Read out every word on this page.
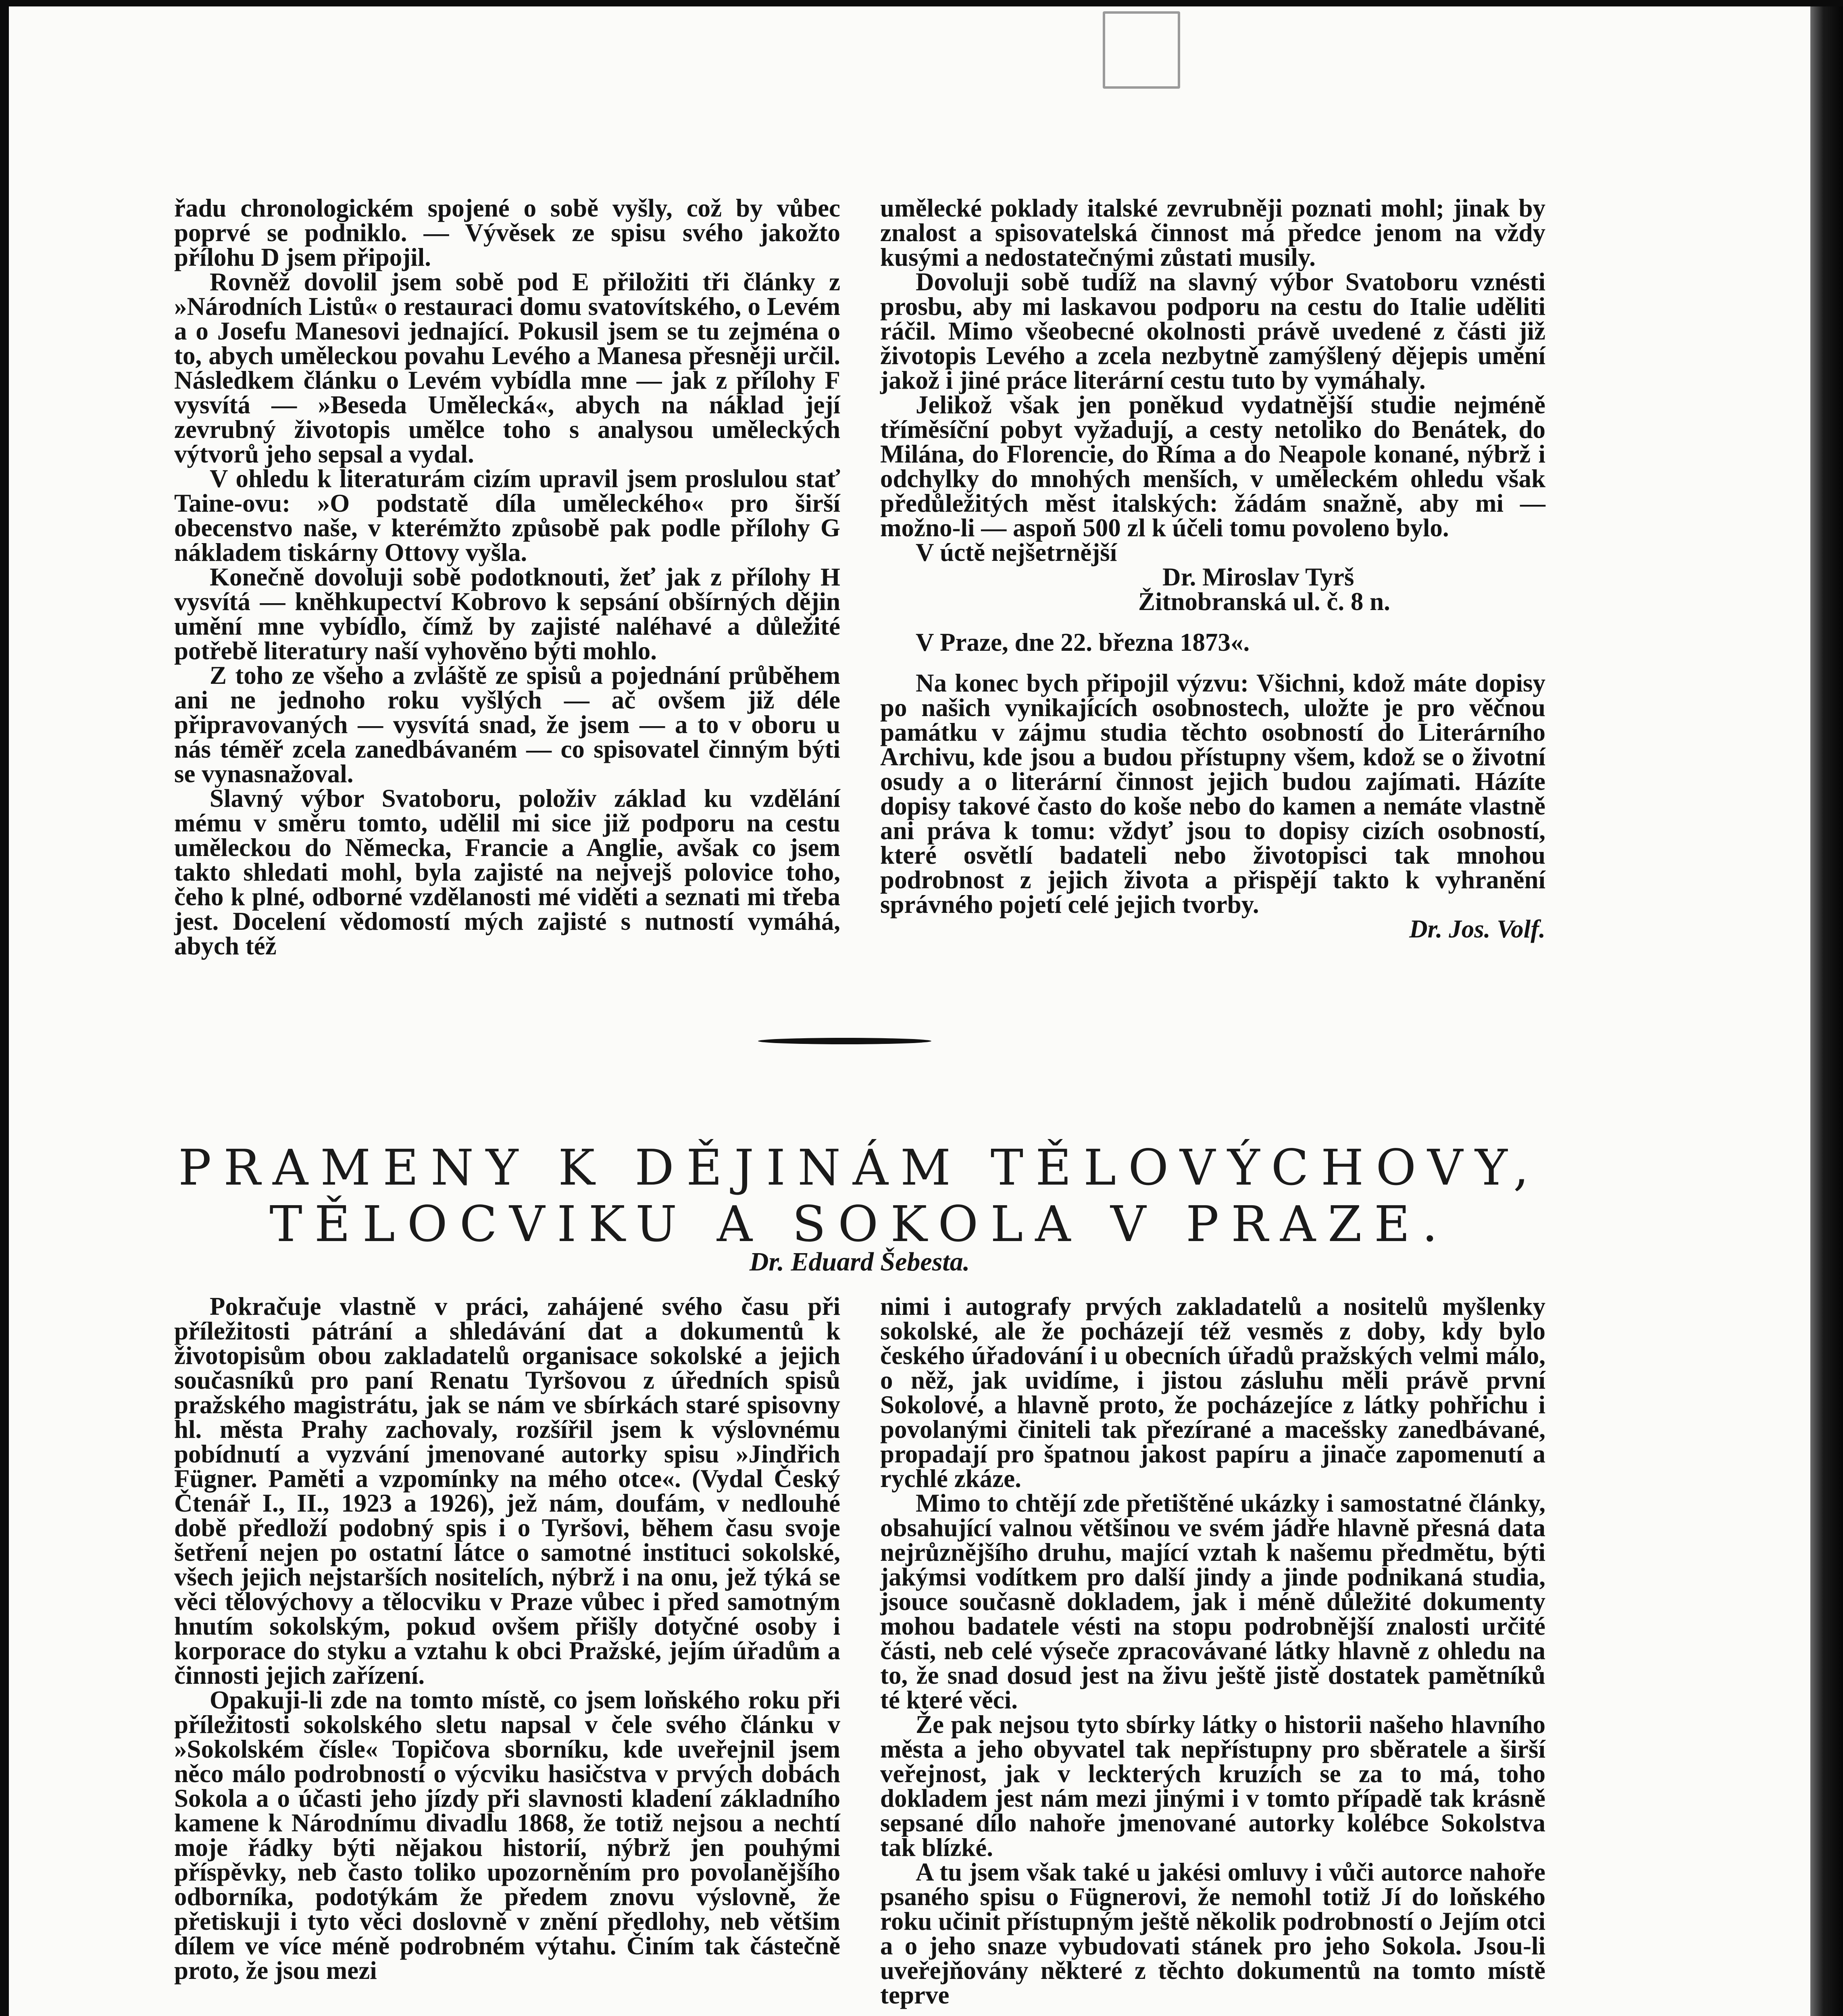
řadu chronologickém spojené o sobě vyšly, což by vůbec poprvé se podniklo. — Vývěsek ze spisu svého jakožto přílohu D jsem připojil.

Rovněž dovolil jsem sobě pod E přiložiti tři články z »Národních Listů« o restauraci domu svatovítského, o Levém a o Josefu Manesovi jednající. Pokusil jsem se tu zejména o to, abych uměleckou povahu Levého a Manesa přesněji určil. Následkem článku o Levém vybídla mne — jak z přílohy F vysvítá — »Beseda Umělecká«, abych na náklad její zevrubný životopis umělce toho s analysou uměleckých výtvorů jeho sepsal a vydal.

V ohledu k literaturám cizím upravil jsem proslulou stať Taine-ovu: »O podstatě díla uměleckého« pro širší obecenstvo naše, v kterémžto způsobě pak podle přílohy G nákladem tiskárny Ottovy vyšla.

Konečně dovoluji sobě podotknouti, žeť jak z přílohy H vysvítá — kněhkupectví Kobrovo k sepsání obšírných dějin umění mne vybídlo, čímž by zajisté naléhavé a důležité potřebě literatury naší vyhověno býti mohlo.

Z toho ze všeho a zvláště ze spisů a pojednání průběhem ani ne jednoho roku vyšlých — ač ovšem již déle připravovaných — vysvítá snad, že jsem — a to v oboru u nás téměř zcela zanedbávaném — co spisovatel činným býti se vynasnažoval.

Slavný výbor Svatoboru, položiv základ ku vzdělání mému v směru tomto, udělil mi sice již podporu na cestu uměleckou do Německa, Francie a Anglie, avšak co jsem takto shledati mohl, byla zajisté na nejvejš polovice toho, čeho k plné, odborné vzdělanosti mé viděti a seznati mi třeba jest. Docelení vědomostí mých zajisté s nutností vymáhá, abych též

umělecké poklady italské zevrubněji poznati mohl; jinak by znalost a spisovatelská činnost má předce jenom na vždy kusými a nedostatečnými zůstati musily.

Dovoluji sobě tudíž na slavný výbor Svatoboru vznésti prosbu, aby mi laskavou podporu na cestu do Italie uděliti ráčil. Mimo všeobecné okolnosti právě uvedené z části již životopis Levého a zcela nezbytně zamýšlený dějepis umění jakož i jiné práce literární cestu tuto by vymáhaly.

Jelikož však jen poněkud vydatnější studie nejméně tříměsíční pobyt vyžadují, a cesty netoliko do Benátek, do Milána, do Florencie, do Říma a do Neapole konané, nýbrž i odchylky do mnohých menších, v uměleckém ohledu však předůležitých měst italských: žádám snažně, aby mi —možno-li — aspoň 500 zl k účeli tomu povoleno bylo.

V úctě nejšetrnější

Dr. Miroslav Tyrš

Žitnobranská ul. č. 8 n.

V Praze, dne 22. března 1873«.

Na konec bych připojil výzvu: Všichni, kdož máte dopisy po našich vynikajících osobnostech, uložte je pro věčnou památku v zájmu studia těchto osobností do Literárního Archivu, kde jsou a budou přístupny všem, kdož se o životní osudy a o literární činnost jejich budou zajímati. Házíte dopisy takové často do koše nebo do kamen a nemáte vlastně ani práva k tomu: vždyť jsou to dopisy cizích osobností, které osvětlí badateli nebo životopisci tak mnohou podrobnost z jejich života a přispějí takto k vyhranění správného pojetí celé jejich tvorby.

Dr. Jos. Volf.

PRAMENY K DĚJINÁM TĚLOVÝCHOVY,
TĚLOCVIKU A SOKOLA V PRAZE.
Dr. Eduard Šebesta.

Pokračuje vlastně v práci, zahájené svého času při příležitosti pátrání a shledávání dat a dokumentů k životopisům obou zakladatelů organisace sokolské a jejich současníků pro paní Renatu Tyršovou z úředních spisů pražského magistrátu, jak se nám ve sbírkách staré spisovny hl. města Prahy zachovaly, rozšířil jsem k výslovnému pobídnutí a vyzvání jmenované autorky spisu »Jindřich Fügner. Paměti a vzpomínky na mého otce«. (Vydal Český Čtenář I., II., 1923 a 1926), jež nám, doufám, v nedlouhé době předloží podobný spis i o Tyršovi, během času svoje šetření nejen po ostatní látce o samotné instituci sokolské, všech jejich nejstarších nositelích, nýbrž i na onu, jež týká se věci tělovýchovy a tělocviku v Praze vůbec i před samotným hnutím sokolským, pokud ovšem přišly dotyčné osoby i korporace do styku a vztahu k obci Pražské, jejím úřadům a činnosti jejich zařízení.

Opakuji-li zde na tomto místě, co jsem loňského roku při příležitosti sokolského sletu napsal v čele svého článku v »Sokolském čísle« Topičova sborníku, kde uveřejnil jsem něco málo podrobností o výcviku hasičstva v prvých dobách Sokola a o účasti jeho jízdy při slavnosti kladení základního kamene k Národnímu divadlu 1868, že totiž nejsou a nechtí moje řádky býti nějakou historií, nýbrž jen pouhými příspěvky, neb často toliko upozorněním pro povolanějšího odborníka, podotýkám že předem znovu výslovně, že přetiskuji i tyto věci doslovně v znění předlohy, neb většim dílem ve více méně podrobném výtahu. Činím tak částečně proto, že jsou mezi

nimi i autografy prvých zakladatelů a nositelů myšlenky sokolské, ale že pocházejí též vesměs z doby, kdy bylo českého úřadování i u obecních úřadů pražských velmi málo, o něž, jak uvidíme, i jistou zásluhu měli právě první Sokolové, a hlavně proto, že pocházejíce z látky pohřichu i povolanými činiteli tak přezírané a macešsky zanedbávané, propadají pro špatnou jakost papíru a jinače zapomenutí a rychlé zkáze.

Mimo to chtějí zde přetištěné ukázky i samostatné články, obsahující valnou většinou ve svém jádře hlavně přesná data nejrůznějšího druhu, mající vztah k našemu předmětu, býti jakýmsi vodítkem pro další jindy a jinde podnikaná studia, jsouce současně dokladem, jak i méně důležité dokumenty mohou badatele vésti na stopu podrobnější znalosti určité části, neb celé výseče zpracovávané látky hlavně z ohledu na to, že snad dosud jest na živu ještě jistě dostatek pamětníků té které věci.

Že pak nejsou tyto sbírky látky o historii našeho hlavního města a jeho obyvatel tak nepřístupny pro sběratele a širší veřejnost, jak v leckterých kruzích se za to má, toho dokladem jest nám mezi jinými i v tomto případě tak krásně sepsané dílo nahoře jmenované autorky kolébce Sokolstva tak blízké.

A tu jsem však také u jakési omluvy i vůči autorce nahoře psaného spisu o Fügnerovi, že nemohl totiž Jí do loňského roku učinit přístupným ještě několik podrobností o Jejím otci a o jeho snaze vybudovati stánek pro jeho Sokola. Jsou-li uveřejňovány některé z těchto dokumentů na tomto místě teprve
